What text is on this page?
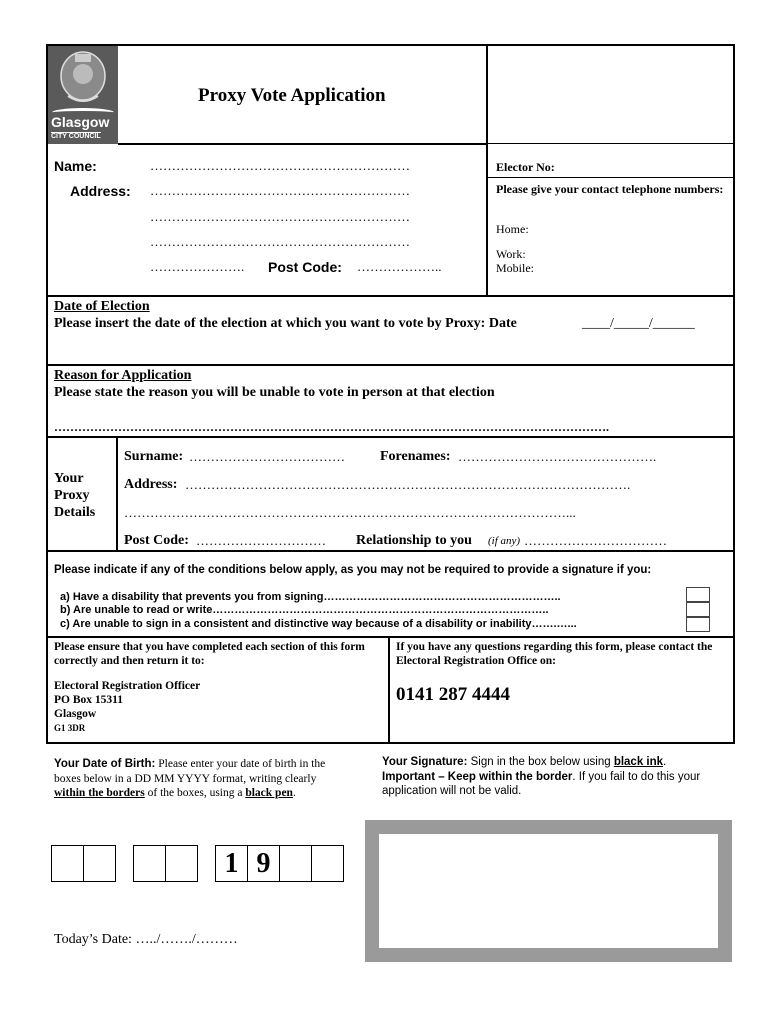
Glasgow
CITY COUNCIL
Proxy Vote Application
Name:	……………………………………………………
Address: ……………………………………………………
……………………………………………………
……………………………………………………
…………………. Post Code: ………………..
Elector No:
Please give your contact telephone numbers:
Home:
Work:
Mobile:
Date of Election
Please insert the date of the election at which you want to vote by Proxy: Date	____/_____/______
Reason for Application
Please state the reason you will be unable to vote in person at that election
………………………………………………………………………………………………………………………….
Your
Proxy
Details
Surname: ………………………………	Forenames: ……………………………………….
Address: ………………………………………………………………………………………….
…………………………………………………………………………………………...
Post Code: ………………………… Relationship to you (if any) ……………………………
Please indicate if any of the conditions below apply, as you may not be required to provide a signature if you:
a) Have a disability that prevents you from signing………………………………………………………..
b) Are unable to read or write………………………………………………………………………………..
c) Are unable to sign in a consistent and distinctive way because of a disability or inability…….…...
Please ensure that you have completed each section of this form correctly and then return it to:
Electoral Registration Officer
PO Box 15311
Glasgow
G1 3DR
If you have any questions regarding this form, please contact the Electoral Registration Office on:
0141 287 4444
Your Date of Birth: Please enter your date of birth in the boxes below in a DD MM YYYY format, writing clearly within the borders of the boxes, using a black pen.
1 9
Your Signature: Sign in the box below using black ink.
Important – Keep within the border. If you fail to do this your application will not be valid.
Today’s Date: …../……./………
